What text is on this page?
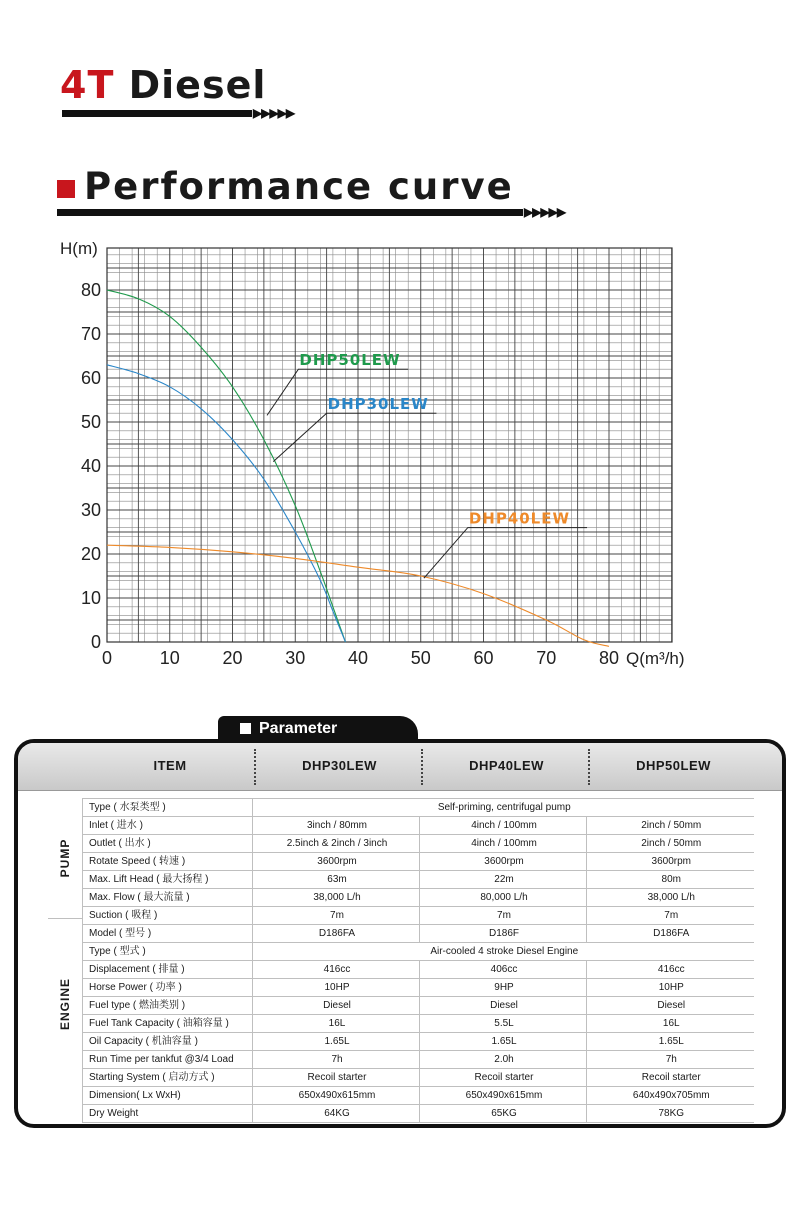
4T Diesel
▶▶▶▶▶
Performance curve
▶▶▶▶▶
0	10 20 30 40 50 60 70 80
0
10
20
30
40
50
60
70
80
H(m)
Q(m³/h)
DHP50LEW
DHP30LEW
DHP40LEW
Parameter
ITEM	DHP30LEW	DHP40LEW	DHP50LEW
PUMP
ENGINE
Type ( 水泵类型 )	Self-priming, centrifugal pump		
Inlet ( 进水 )	3inch / 80mm	4inch / 100mm	2inch / 50mm
Outlet ( 出水 )	2.5inch & 2inch / 3inch	4inch / 100mm	2inch / 50mm
Rotate Speed ( 转速 )	3600rpm	3600rpm	3600rpm
Max. Lift Head ( 最大扬程 )	63m	22m	80m
Max. Flow ( 最大流量 )	38,000 L/h	80,000 L/h	38,000 L/h
Suction ( 吸程 )	7m	7m	7m
Model ( 型号 )	D186FA	D186F	D186FA
Type ( 型式 )	Air-cooled 4 stroke Diesel Engine		
Displacement ( 排量 )	416cc	406cc	416cc
Horse Power ( 功率 )	10HP	9HP	10HP
Fuel type ( 燃油类别 )	Diesel	Diesel	Diesel
Fuel Tank Capacity ( 油箱容量 )	16L	5.5L	16L
Oil Capacity ( 机油容量 )	1.65L	1.65L	1.65L
Run Time per tankfut @3/4 Load	7h	2.0h	7h
Starting System ( 启动方式 )	Recoil starter	Recoil starter	Recoil starter
Dimension( Lx WxH)	650x490x615mm	650x490x615mm	640x490x705mm
Dry Weight	64KG	65KG	78KG
